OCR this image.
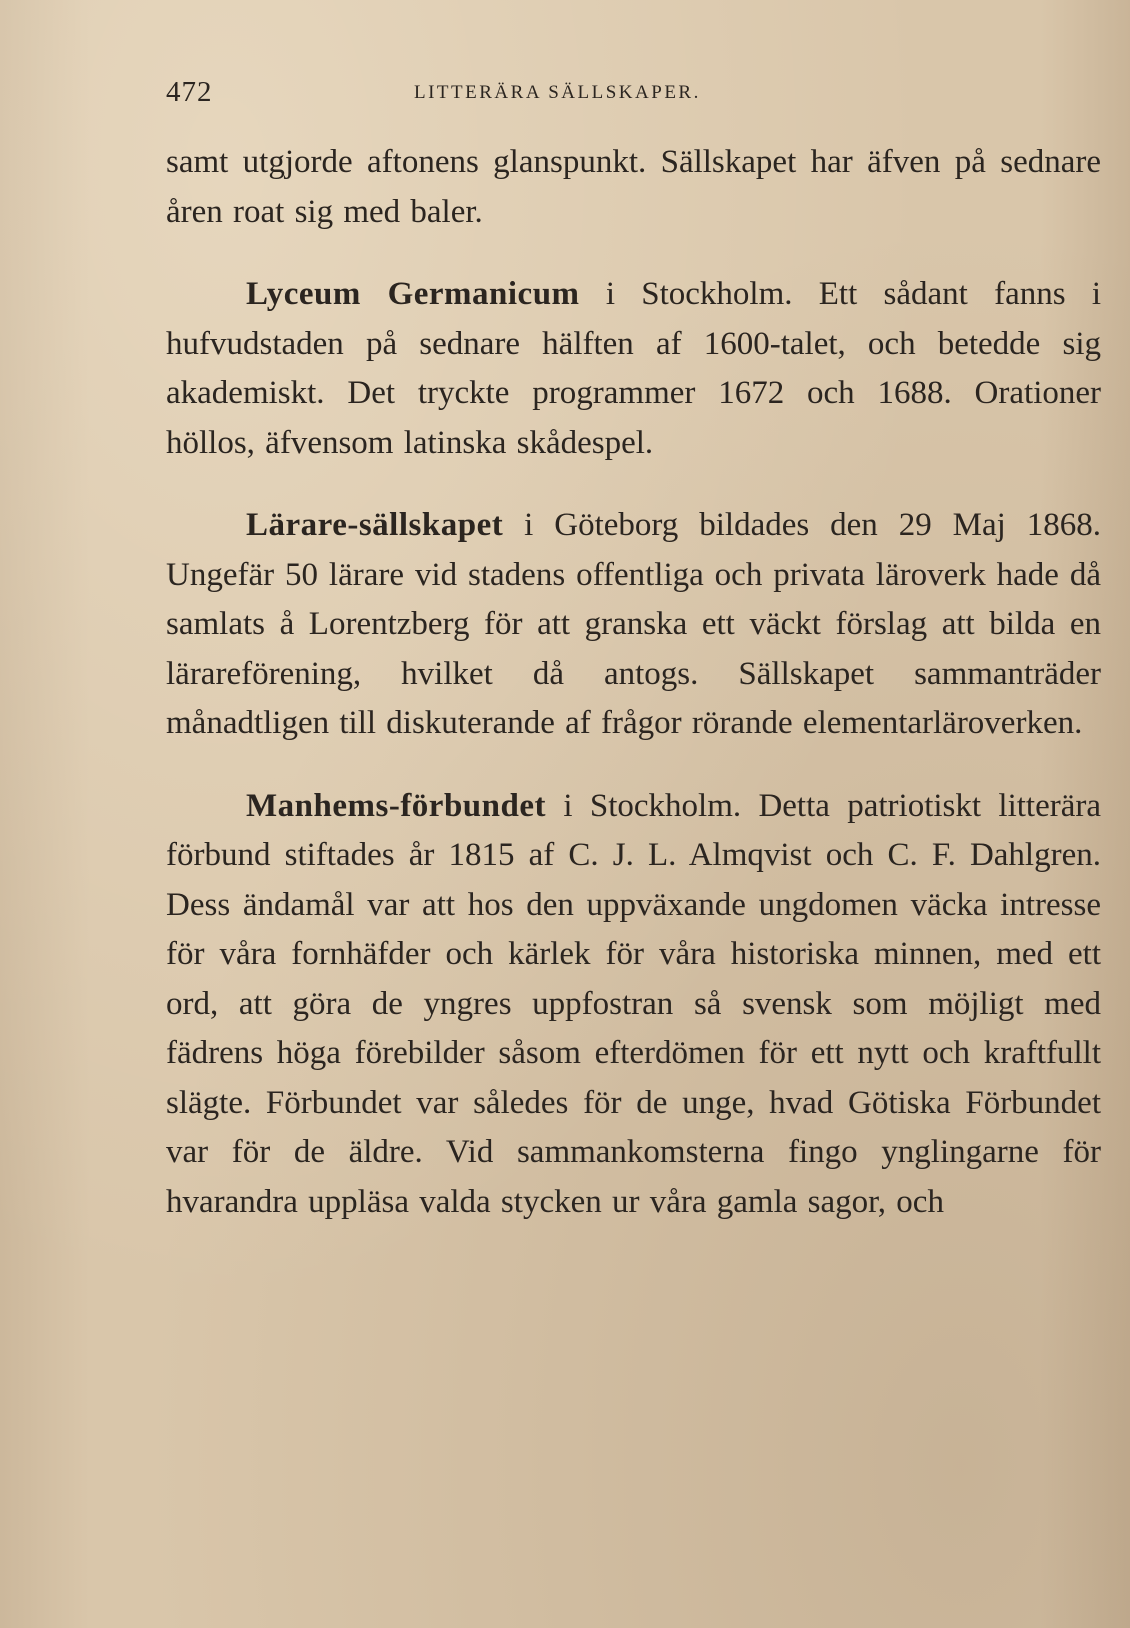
472	LITTERÄRA SÄLLSKAPER.

samt utgjorde aftonens glanspunkt. Sällskapet har äfven på sednare åren roat sig med baler.

Lyceum Germanicum i Stockholm. Ett sådant fanns i hufvudstaden på sednare hälften af 1600-talet, och betedde sig akademiskt. Det tryckte programmer 1672 och 1688. Orationer höllos, äfvensom latinska skådespel.

Lärare-sällskapet i Göteborg bildades den 29 Maj 1868. Ungefär 50 lärare vid stadens offentliga och privata läroverk hade då samlats å Lorentzberg för att granska ett väckt förslag att bilda en lärareförening, hvilket då antogs. Sällskapet sammanträder månadtligen till diskuterande af frågor rörande elementarläroverken.

Manhems-förbundet i Stockholm. Detta patriotiskt litterära förbund stiftades år 1815 af C. J. L. Almqvist och C. F. Dahlgren. Dess ändamål var att hos den uppväxande ungdomen väcka intresse för våra fornhäfder och kärlek för våra historiska minnen, med ett ord, att göra de yngres uppfostran så svensk som möjligt med fädrens höga förebilder såsom efterdömen för ett nytt och kraftfullt slägte. Förbundet var således för de unge, hvad Götiska Förbundet var för de äldre. Vid sammankomsterna fingo ynglingarne för hvarandra uppläsa valda stycken ur våra gamla sagor, och
